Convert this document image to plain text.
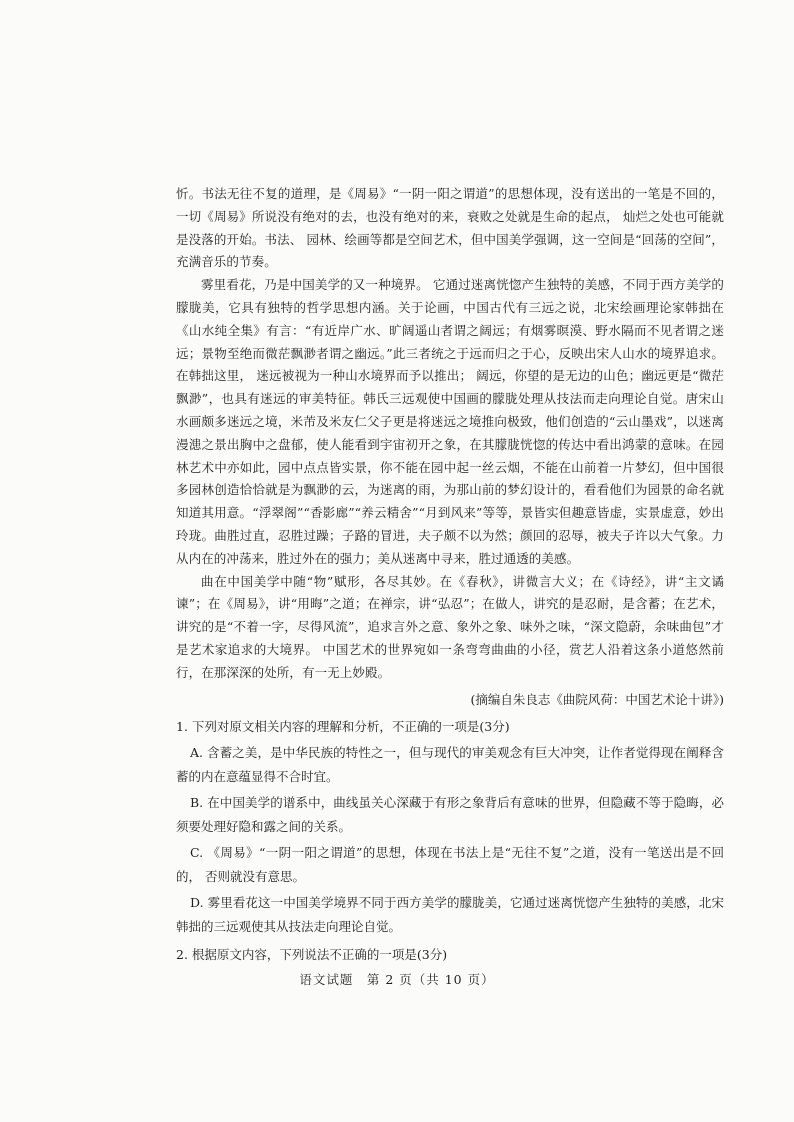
忻。书法无往不复的道理，是《周易》“一阴一阳之谓道”的思想体现，没有送出的一笔是不回的，一切《周易》所说没有绝对的去，也没有绝对的来，衰败之处就是生命的起点， 灿烂之处也可能就是没落的开始。书法、 园林、绘画等都是空间艺术，但中国美学强调，这一空间是“回荡的空间”，充满音乐的节奏。

雾里看花，乃是中国美学的又一种境界。 它通过迷离恍惚产生独特的美感，不同于西方美学的朦胧美，它具有独特的哲学思想内涵。关于论画，中国古代有三远之说，北宋绘画理论家韩拙在《山水纯全集》有言：“有近岸广水、旷阔遥山者谓之阔远；有烟雾暝漠、野水隔而不见者谓之迷远；景物至绝而微茫飘渺者谓之幽远。”此三者统之于远而归之于心，反映出宋人山水的境界追求。在韩拙这里， 迷远被视为一种山水境界而予以推出； 阔远，你望的是无边的山色；幽远更是“微茫飘渺”，也具有迷远的审美特征。韩氏三远观使中国画的朦胧处理从技法而走向理论自觉。唐宋山水画颇多迷远之境，米芾及米友仁父子更是将迷远之境推向极致，他们创造的“云山墨戏”，以迷离漫漶之景出胸中之盘郁，使人能看到宇宙初开之象，在其朦胧恍惚的传达中看出鸿蒙的意味。在园林艺术中亦如此，园中点点皆实景，你不能在园中起一丝云烟，不能在山前着一片梦幻，但中国很多园林创造恰恰就是为飘渺的云，为迷离的雨，为那山前的梦幻设计的，看看他们为园景的命名就知道其用意。“浮翠阁”“香影廊”“养云精舍”“月到风来”等等，景皆实但趣意皆虚，实景虚意，妙出玲珑。曲胜过直，忍胜过躁；子路的冒进，夫子颇不以为然；颜回的忍辱，被夫子许以大气象。力从内在的冲荡来，胜过外在的强力；美从迷离中寻来，胜过通透的美感。

曲在中国美学中随“物”赋形，各尽其妙。在《春秋》，讲微言大义；在《诗经》，讲“主文谲谏”；在《周易》，讲“用晦”之道；在禅宗，讲“弘忍”；在做人，讲究的是忍耐，是含蓄；在艺术，讲究的是“不着一字，尽得风流”，追求言外之意、象外之象、味外之味，“深文隐蔚，余味曲包”才是艺术家追求的大境界。 中国艺术的世界宛如一条弯弯曲曲的小径，赏艺人沿着这条小道悠然前行，在那深深的处所，有一无上妙殿。

(摘编自朱良志《曲院风荷：中国艺术论十讲》)

1. 下列对原文相关内容的理解和分析，不正确的一项是(3分)

A. 含蓄之美，是中华民族的特性之一，但与现代的审美观念有巨大冲突，让作者觉得现在阐释含蓄的内在意蕴显得不合时宜。

B. 在中国美学的谱系中，曲线虽关心深藏于有形之象背后有意味的世界，但隐藏不等于隐晦，必须要处理好隐和露之间的关系。

C. 《周易》“一阴一阳之谓道”的思想，体现在书法上是“无往不复”之道，没有一笔送出是不回的， 否则就没有意思。

D. 雾里看花这一中国美学境界不同于西方美学的朦胧美，它通过迷离恍惚产生独特的美感，北宋韩拙的三远观使其从技法走向理论自觉。

2. 根据原文内容，下列说法不正确的一项是(3分)

语文试题　第 2 页（共 10 页）
